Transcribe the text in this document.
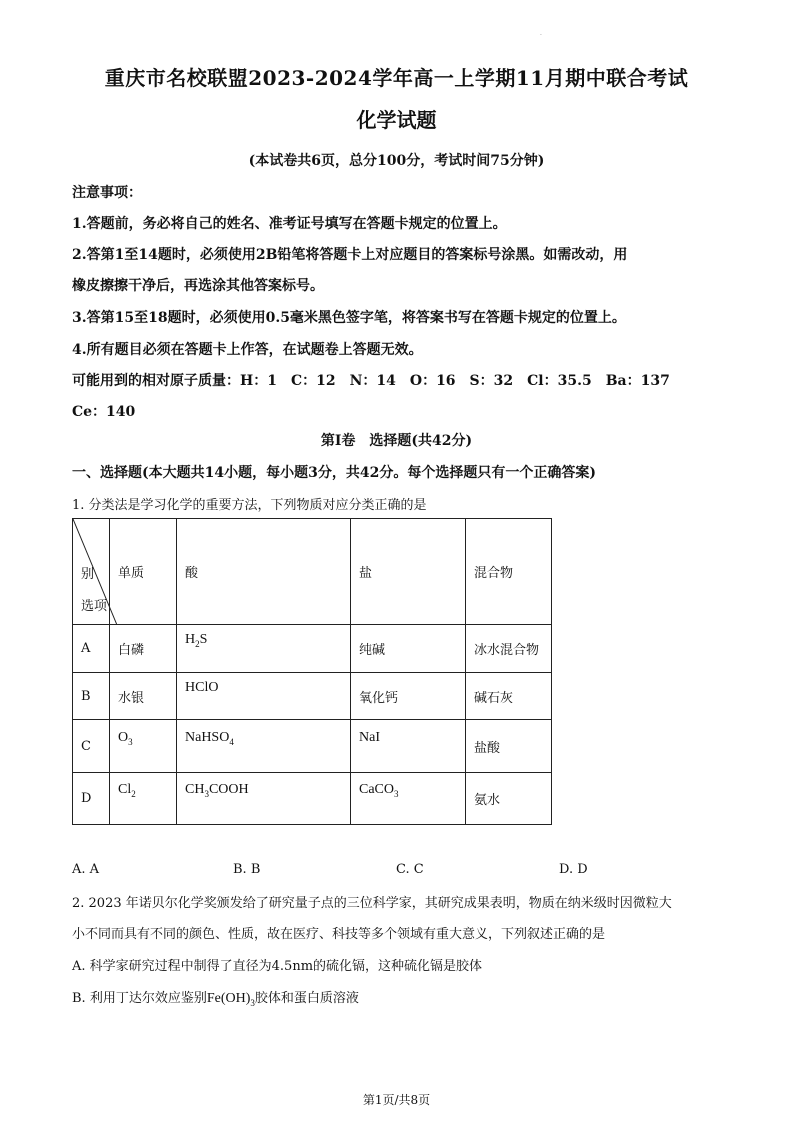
·
重庆市名校联盟2023-2024学年高一上学期11月期中联合考试
化学试题
(本试卷共6页，总分100分，考试时间75分钟)
注意事项：
1.答题前，务必将自己的姓名、准考证号填写在答题卡规定的位置上。
2.答第1至14题时，必须使用2B铅笔将答题卡上对应题目的答案标号涂黑。如需改动，用
橡皮擦擦干净后，再选涂其他答案标号。
3.答第15至18题时，必须使用0.5毫米黑色签字笔，将答案书写在答题卡规定的位置上。
4.所有题目必须在答题卡上作答，在试题卷上答题无效。
可能用到的相对原子质量：H：1　C：12　N：14　O：16　S：32　Cl：35.5　Ba：137
Ce：140
第Ⅰ卷　选择题(共42分)
一、选择题(本大题共14小题，每小题3分，共42分。每个选择题只有一个正确答案)
1. 分类法是学习化学的重要方法，下列物质对应分类正确的是
别
选项	单质	酸	盐	混合物
A	白磷	$H_2S$	纯碱	冰水混合物
B	水银	HClO	氧化钙	碱石灰
C	$O_3$	NaHSO$_4$	NaI	盐酸
D	$Cl_2$	$CH_3COOH$	CaCO$_3$	氨水
A. A	B. B	C. C	D. D
2. 2023 年诺贝尔化学奖颁发给了研究量子点的三位科学家，其研究成果表明，物质在纳米级时因微粒大
小不同而具有不同的颜色、性质，故在医疗、科技等多个领域有重大意义，下列叙述正确的是
A. 科学家研究过程中制得了直径为4.5nm的硫化镉，这种硫化镉是胶体
B. 利用丁达尔效应鉴别$Fe(OH)_3$胶体和蛋白质溶液
第1页/共8页
